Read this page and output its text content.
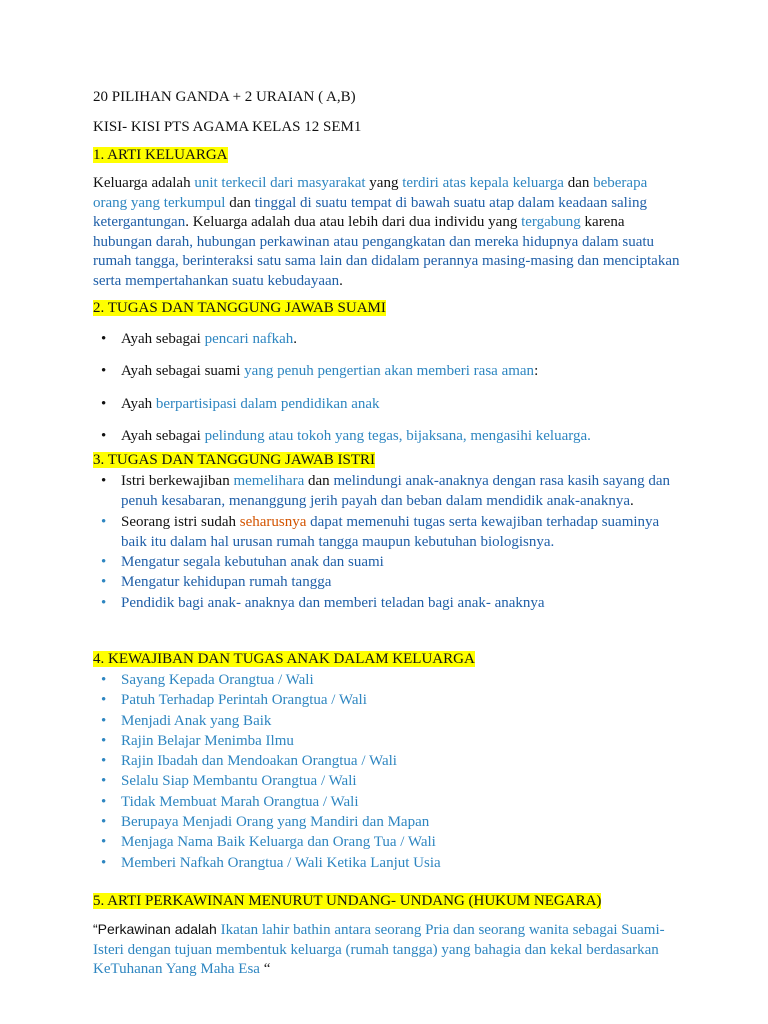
20 PILIHAN GANDA + 2 URAIAN ( A,B)
KISI- KISI PTS AGAMA KELAS 12 SEM1
1. ARTI KELUARGA
Keluarga adalah unit terkecil dari masyarakat yang terdiri atas kepala keluarga dan beberapa orang yang terkumpul dan tinggal di suatu tempat di bawah suatu atap dalam keadaan saling ketergantungan. Keluarga adalah dua atau lebih dari dua individu yang tergabung karena hubungan darah, hubungan perkawinan atau pengangkatan dan mereka hidupnya dalam suatu rumah tangga, berinteraksi satu sama lain dan didalam perannya masing-masing dan menciptakan serta mempertahankan suatu kebudayaan.
2. TUGAS DAN TANGGUNG JAWAB SUAMI
• Ayah sebagai pencari nafkah.
• Ayah sebagai suami yang penuh pengertian akan memberi rasa aman:
• Ayah berpartisipasi dalam pendidikan anak
• Ayah sebagai pelindung atau tokoh yang tegas, bijaksana, mengasihi keluarga.
3. TUGAS DAN TANGGUNG JAWAB ISTRI
• Istri berkewajiban memelihara dan melindungi anak-anaknya dengan rasa kasih sayang dan penuh kesabaran, menanggung jerih payah dan beban dalam mendidik anak-anaknya.
• Seorang istri sudah seharusnya dapat memenuhi tugas serta kewajiban terhadap suaminya baik itu dalam hal urusan rumah tangga maupun kebutuhan biologisnya.
• Mengatur segala kebutuhan anak dan suami
• Mengatur kehidupan rumah tangga
• Pendidik bagi anak- anaknya dan memberi teladan bagi anak- anaknya
4. KEWAJIBAN DAN TUGAS ANAK DALAM KELUARGA
• Sayang Kepada Orangtua / Wali
• Patuh Terhadap Perintah Orangtua / Wali
• Menjadi Anak yang Baik
• Rajin Belajar Menimba Ilmu
• Rajin Ibadah dan Mendoakan Orangtua / Wali
• Selalu Siap Membantu Orangtua / Wali
• Tidak Membuat Marah Orangtua / Wali
• Berupaya Menjadi Orang yang Mandiri dan Mapan
• Menjaga Nama Baik Keluarga dan Orang Tua / Wali
• Memberi Nafkah Orangtua / Wali Ketika Lanjut Usia
5. ARTI PERKAWINAN MENURUT UNDANG- UNDANG (HUKUM NEGARA)
“Perkawinan adalah Ikatan lahir bathin antara seorang Pria dan seorang wanita sebagai Suami-Isteri dengan tujuan membentuk keluarga (rumah tangga) yang bahagia dan kekal berdasarkan KeTuhanan Yang Maha Esa “
